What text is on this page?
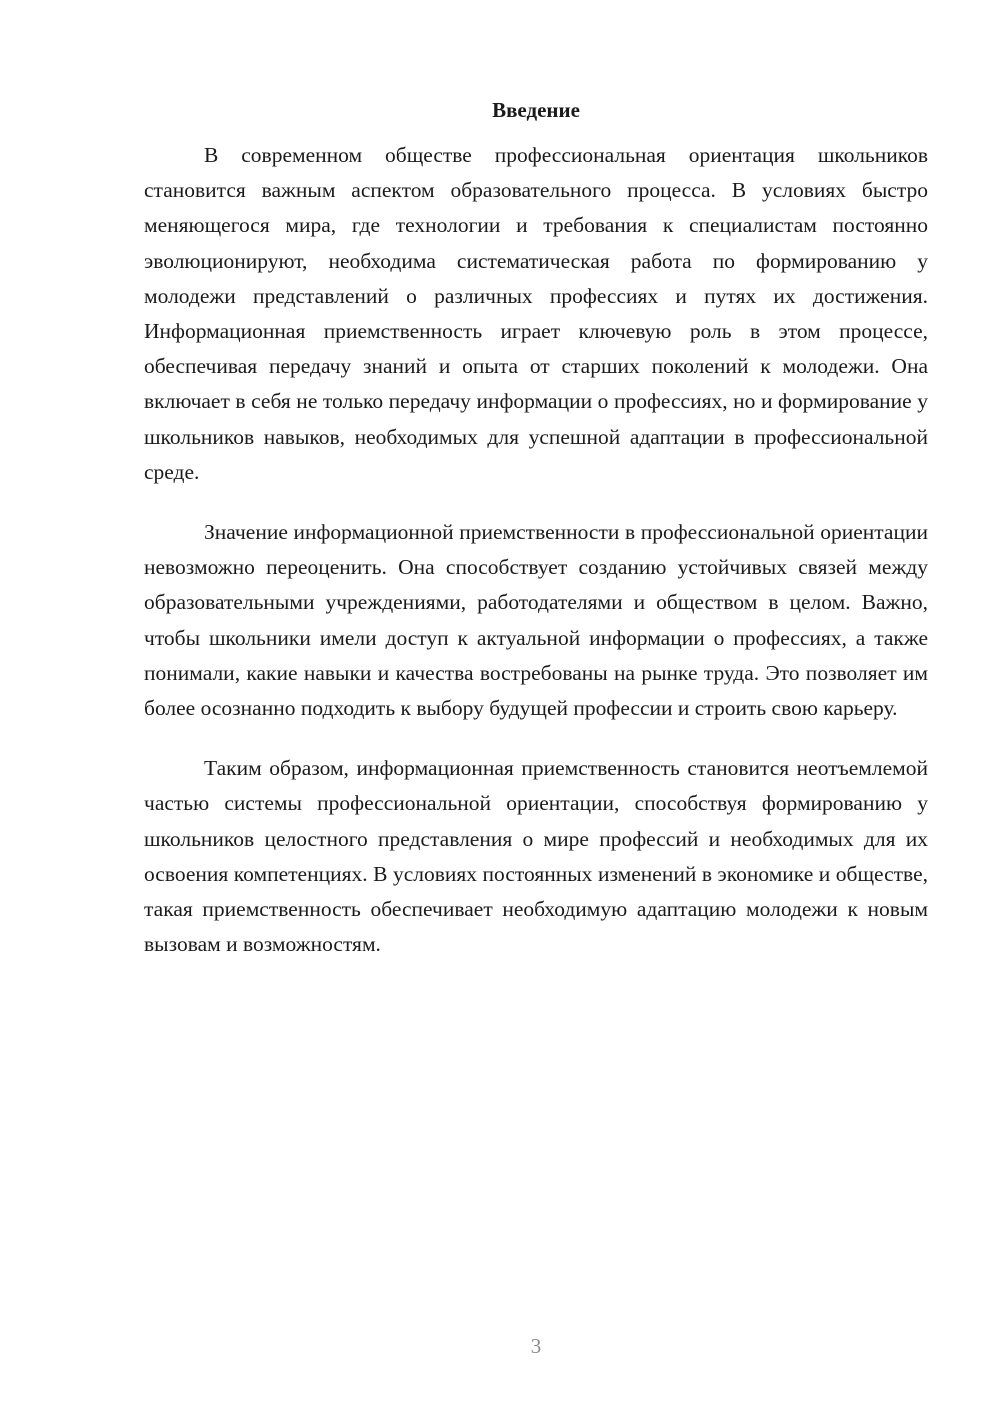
Введение

В современном обществе профессиональная ориентация школьников становится важным аспектом образовательного процесса. В условиях быстро меняющегося мира, где технологии и требования к специалистам постоянно эволюционируют, необходима систематическая работа по формированию у молодежи представлений о различных профессиях и путях их достижения. Информационная приемственность играет ключевую роль в этом процессе, обеспечивая передачу знаний и опыта от старших поколений к молодежи. Она включает в себя не только передачу информации о профессиях, но и формирование у школьников навыков, необходимых для успешной адаптации в профессиональной среде.

Значение информационной приемственности в профессиональной ориентации невозможно переоценить. Она способствует созданию устойчивых связей между образовательными учреждениями, работодателями и обществом в целом. Важно, чтобы школьники имели доступ к актуальной информации о профессиях, а также понимали, какие навыки и качества востребованы на рынке труда. Это позволяет им более осознанно подходить к выбору будущей профессии и строить свою карьеру.

Таким образом, информационная приемственность становится неотъемлемой частью системы профессиональной ориентации, способствуя формированию у школьников целостного представления о мире профессий и необходимых для их освоения компетенциях. В условиях постоянных изменений в экономике и обществе, такая приемственность обеспечивает необходимую адаптацию молодежи к новым вызовам и возможностям.

3
